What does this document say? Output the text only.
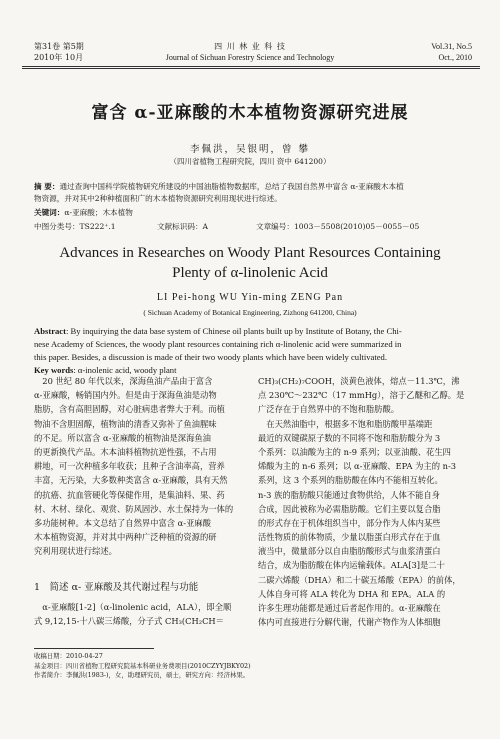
第31卷 第5期
2010年 10月
四 川 林 业 科 技
Journal of Sichuan Forestry Science and Technology
Vol.31, No.5
Oct., 2010
富含 α-亚麻酸的木本植物资源研究进展
李佩洪，吴银明，曾 攀
（四川省植物工程研究院，四川 资中 641200）
摘 要：通过查询中国科学院植物研究所建设的中国油脂植物数据库，总结了我国自然界中富含 α-亚麻酸木本植
物资源，并对其中2种种植面积广的木本植物资源研究利用现状进行综述。
关键词：α-亚麻酸；木本植物
中图分类号：TS222⁺.1	文献标识码：A	文章编号：1003－5508(2010)05－0055－05
Advances in Researches on Woody Plant Resources Containing
Plenty of α-linolenic Acid
LI Pei-hong WU Yin-ming ZENG Pan
( Sichuan Academy of Botanical Engineering, Zizhong 641200, China)
Abstract: By inquirying the data base system of Chinese oil plants built up by Institute of Botany, the Chi-
nese Academy of Sciences, the woody plant resources containing rich α-linolenic acid were summarized in
this paper. Besides, a discussion is made of their two woody plants which have been widely cultivated.
Key words: α-inolenic acid, woody plant
　20 世纪 80 年代以来，深海鱼油产品由于富含
α-亚麻酸，畅销国内外。但是由于深海鱼油是动物
脂肪，含有高胆固醇，对心脏病患者弊大于利。而植
物油不含胆固醇，植物油的清香又弥补了鱼油腥味
的不足。所以富含 α-亚麻酸的植物油是深海鱼油
的更新换代产品。木本油料植物抗逆性强，不占用
耕地，可一次种植多年收获；且种子含油率高，营养
丰富，无污染，大多数种类富含 α-亚麻酸，具有天然
的抗癌、抗血管硬化等保健作用，是集油料、果、药
材、木材、绿化、观赏、防风固沙、水土保持为一体的
多功能树种。本文总结了自然界中富含 α-亚麻酸
木本植物资源，并对其中两种广泛种植的资源的研
究利用现状进行综述。
1　简述 α- 亚麻酸及其代谢过程与功能
　α-亚麻酸[1-2]（α-linolenic acid，ALA），即全顺
式 9,12,15-十八碳三烯酸，分子式 CH₃(CH₂CH＝
CH)₃(CH₂)₇COOH，淡黄色液体，熔点－11.3℃，沸
点 230℃～232℃（17 mmHg），溶于乙醚和乙醇。是
广泛存在于自然界中的不饱和脂肪酸。
　在天然油脂中，根据多不饱和脂肪酸甲基端距
最近的双键碳原子数的不同将不饱和脂肪酸分为 3
个系列：以油酸为主的 n-9 系列；以亚油酸、花生四
烯酸为主的 n-6 系列；以 α-亚麻酸、EPA 为主的 n-3
系列，这 3 个系列的脂肪酸在体内不能相互转化。
n-3 族的脂肪酸只能通过食物供给，人体不能自身
合成，因此被称为必需脂肪酸。它们主要以复合脂
的形式存在于机体组织当中，部分作为人体内某些
活性物质的前体物质，少量以脂蛋白形式存在于血
液当中，微量部分以自由脂肪酸形式与血浆清蛋白
结合，成为脂肪酸在体内运输载体。ALA[3]是二十
二碳六烯酸（DHA）和二十碳五烯酸（EPA）的前体，
人体自身可将 ALA 转化为 DHA 和 EPA。ALA 的
许多生理功能都是通过后者起作用的。α-亚麻酸在
体内可直接进行分解代谢，代谢产物作为人体细胞
收稿日期：2010-04-27
基金项目：四川省植物工程研究院基本科研业务费项目(2010CZYYJBKY02)
作者简介：李佩洪(1983-)，女，助理研究员，硕士，研究方向：经济林果。
